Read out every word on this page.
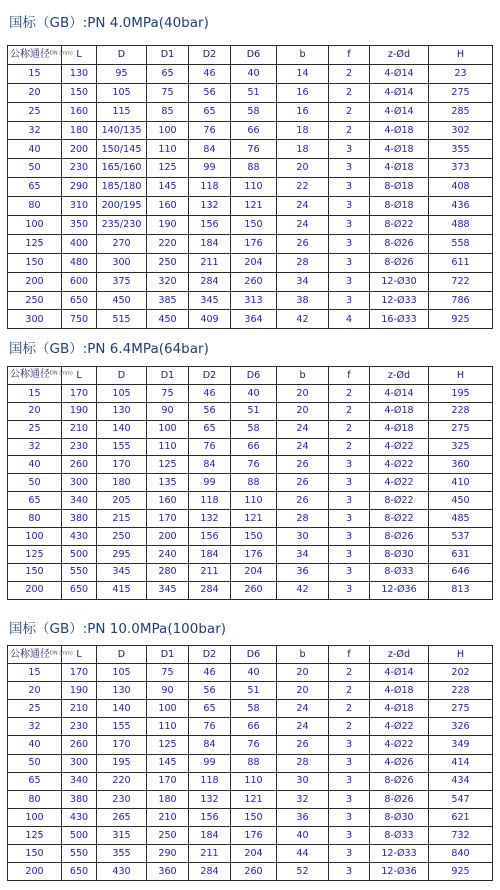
国标（GB）:PN 4.0MPa(40bar)
公称通径DN (mm)	L	D	D1	D2	D6	b	f	z-Ød	H
15	130	95	65	46	40	14	2	4-Ø14	23
20	150	105	75	56	51	16	2	4-Ø14	275
25	160	115	85	65	58	16	2	4-Ø14	285
32	180	140/135	100	76	66	18	2	4-Ø18	302
40	200	150/145	110	84	76	18	3	4-Ø18	355
50	230	165/160	125	99	88	20	3	4-Ø18	373
65	290	185/180	145	118	110	22	3	8-Ø18	408
80	310	200/195	160	132	121	24	3	8-Ø18	436
100	350	235/230	190	156	150	24	3	8-Ø22	488
125	400	270	220	184	176	26	3	8-Ø26	558
150	480	300	250	211	204	28	3	8-Ø26	611
200	600	375	320	284	260	34	3	12-Ø30	722
250	650	450	385	345	313	38	3	12-Ø33	786
300	750	515	450	409	364	42	4	16-Ø33	925
国标（GB）:PN 6.4MPa(64bar)
公称通径DN (mm)	L	D	D1	D2	D6	b	f	z-Ød	H
15	170	105	75	46	40	20	2	4-Ø14	195
20	190	130	90	56	51	20	2	4-Ø18	228
25	210	140	100	65	58	24	2	4-Ø18	275
32	230	155	110	76	66	24	2	4-Ø22	325
40	260	170	125	84	76	26	3	4-Ø22	360
50	300	180	135	99	88	26	3	4-Ø22	410
65	340	205	160	118	110	26	3	8-Ø22	450
80	380	215	170	132	121	28	3	8-Ø22	485
100	430	250	200	156	150	30	3	8-Ø26	537
125	500	295	240	184	176	34	3	8-Ø30	631
150	550	345	280	211	204	36	3	8-Ø33	646
200	650	415	345	284	260	42	3	12-Ø36	813
国标（GB）:PN 10.0MPa(100bar)
公称通径DN (mm)	L	D	D1	D2	D6	b	f	z-Ød	H
15	170	105	75	46	40	20	2	4-Ø14	202
20	190	130	90	56	51	20	2	4-Ø18	228
25	210	140	100	65	58	24	2	4-Ø18	275
32	230	155	110	76	66	24	2	4-Ø22	326
40	260	170	125	84	76	26	3	4-Ø22	349
50	300	195	145	99	88	28	3	4-Ø26	414
65	340	220	170	118	110	30	3	8-Ø26	434
80	380	230	180	132	121	32	3	8-Ø26	547
100	430	265	210	156	150	36	3	8-Ø30	621
125	500	315	250	184	176	40	3	8-Ø33	732
150	550	355	290	211	204	44	3	12-Ø33	840
200	650	430	360	284	260	52	3	12-Ø36	925
